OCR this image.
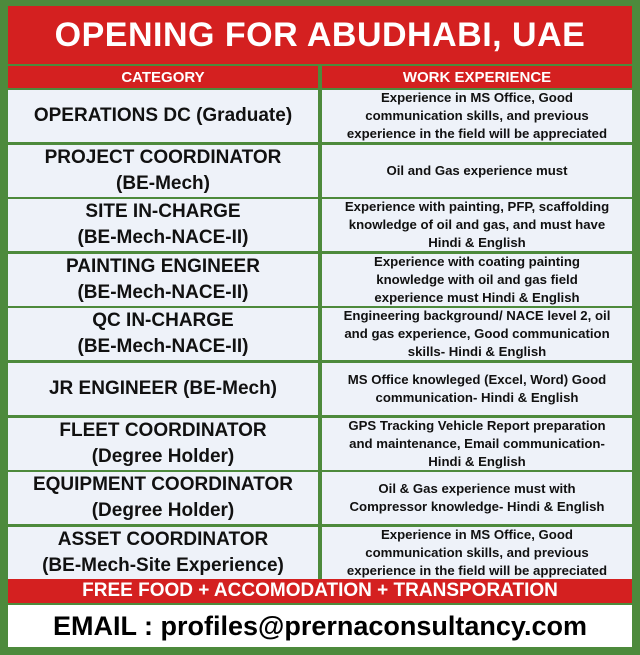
OPENING FOR ABUDHABI, UAE
CATEGORY	WORK EXPERIENCE
OPERATIONS DC (Graduate)
Experience in MS Office, Good
communication skills, and previous
experience in the field will be appreciated
PROJECT COORDINATOR
(BE-Mech)
Oil and Gas experience must
SITE IN-CHARGE
(BE-Mech-NACE-II)
Experience with painting, PFP, scaffolding
knowledge of oil and gas, and must have
Hindi & English
PAINTING ENGINEER
(BE-Mech-NACE-II)
Experience with coating painting
knowledge with oil and gas field
experience must Hindi & English
QC IN-CHARGE
(BE-Mech-NACE-II)
Engineering background/ NACE level 2, oil
and gas experience, Good communication
skills- Hindi & English
JR ENGINEER (BE-Mech)	MS Office knowleged (Excel, Word) Good
communication- Hindi & English
FLEET COORDINATOR
(Degree Holder)
GPS Tracking Vehicle Report preparation
and maintenance, Email communication-
Hindi & English
EQUIPMENT COORDINATOR
(Degree Holder)
Oil & Gas experience must with
Compressor knowledge- Hindi & English
ASSET COORDINATOR
(BE-Mech-Site Experience)
Experience in MS Office, Good
communication skills, and previous
experience in the field will be appreciated
FREE FOOD + ACCOMODATION + TRANSPORATION
EMAIL : profiles@prernaconsultancy.com
